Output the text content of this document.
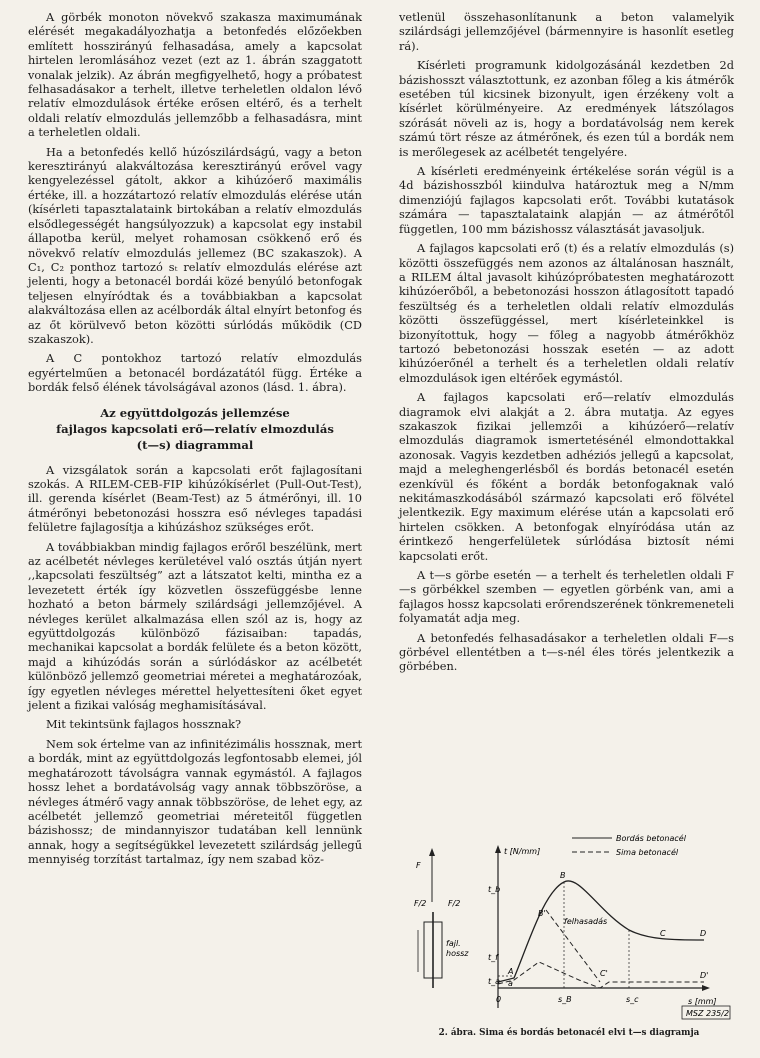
A görbék monoton növekvő szakasza maximumának elérését megakadályozhatja a betonfedés előzőekben említett hosszirányú felhasadása, amely a kapcsolat hirtelen leromlásához vezet (ezt az 1. ábrán szaggatott vonalak jelzik). Az ábrán megfigyelhető, hogy a próbatest felhasadásakor a terhelt, illetve terheletlen oldalon lévő relatív elmozdulások értéke erősen eltérő, és a terhelt oldali relatív elmozdulás jellemzőbb a felhasadásra, mint a terheletlen oldali.

Ha a betonfedés kellő húzószilárdságú, vagy a beton keresztirányú alakváltozása keresztirányú erővel vagy kengyelezéssel gátolt, akkor a kihúzóerő maximális értéke, ill. a hozzátartozó relatív elmozdulás elérése után (kísérleti tapasztalataink birtokában a relatív elmozdulás elsődlegességét hangsúlyozzuk) a kapcsolat egy instabil állapotba kerül, melyet rohamosan csökkenő erő és növekvő relatív elmozdulás jellemez (BC szakaszok). A C₁, C₂ ponthoz tartozó sₜ relatív elmozdulás elérése azt jelenti, hogy a betonacél bordái közé benyúló betonfogak teljesen elnyíródtak és a továbbiakban a kapcsolat alakváltozása ellen az acélbordák által elnyírt betonfog és az őt körülvevő beton közötti súrlódás működik (CD szakaszok).

A C pontokhoz tartozó relatív elmozdulás egyértelműen a betonacél bordázatától függ. Értéke a bordák felső élének távolságával azonos (lásd. 1. ábra).

Az együttdolgozás jellemzése
fajlagos kapcsolati erő—relatív elmozdulás
(t—s) diagrammal

A vizsgálatok során a kapcsolati erőt fajlagosítani szokás. A RILEM-CEB-FIP kihúzókísérlet (Pull-Out-Test), ill. gerenda kísérlet (Beam-Test) az 5 átmérőnyi, ill. 10 átmérőnyi bebetonozási hosszra eső névleges tapadási felületre fajlagosítja a kihúzáshoz szükséges erőt.

A továbbiakban mindig fajlagos erőről beszélünk, mert az acélbetét névleges kerületével való osztás útján nyert ,,kapcsolati feszültség” azt a látszatot kelti, mintha ez a levezetett érték így közvetlen összefüggésbe lenne hozható a beton bármely szilárdsági jellemzőjével. A névleges kerület alkalmazása ellen szól az is, hogy az együttdolgozás különböző fázisaiban: tapadás, mechanikai kapcsolat a bordák felülete és a beton között, majd a kihúzódás során a súrlódáskor az acélbetét különböző jellemző geometriai méretei a meghatározóak, így egyetlen névleges mérettel helyettesíteni őket egyet jelent a fizikai valóság meghamisításával.

Mit tekintsünk fajlagos hossznak?

Nem sok értelme van az infinitézimális hossznak, mert a bordák, mint az együttdolgozás legfontosabb elemei, jól meghatározott távolságra vannak egymástól. A fajlagos hossz lehet a bordatávolság vagy annak többszöröse, a névleges átmérő vagy annak többszöröse, de lehet egy, az acélbetét jellemző geometriai méreteitől független bázishossz; de mindannyiszor tudatában kell lennünk annak, hogy a segítségükkel levezetett szilárdság jellegű mennyiség torzítást tartalmaz, így nem szabad köz-

vetlenül összehasonlítanunk a beton valamelyik szilárdsági jellemzőjével (bármennyire is hasonlít esetleg rá).

Kísérleti programunk kidolgozásánál kezdetben 2d bázishosszt választottunk, ez azonban főleg a kis átmérők esetében túl kicsinek bizonyult, igen érzékeny volt a kísérlet körülményeire. Az eredmények látszólagos szórását növeli az is, hogy a bordatávolság nem kerek számú tört része az átmérőnek, és ezen túl a bordák nem is merőlegesek az acélbetét tengelyére.

A kísérleti eredményeink értékelése során végül is a 4d bázishosszból kiindulva határoztuk meg a N/mm dimenziójú fajlagos kapcsolati erőt. További kutatások számára — tapasztalataink alapján — az átmérőtől független, 100 mm bázishossz választását javasoljuk.

A fajlagos kapcsolati erő (t) és a relatív elmozdulás (s) közötti összefüggés nem azonos az általánosan használt, a RILEM által javasolt kihúzópróbatesten meghatározott kihúzóerőből, a bebetonozási hosszon átlagosított tapadó feszültség és a terheletlen oldali relatív elmozdulás közötti összefüggéssel, mert kísérleteinkkel is bizonyítottuk, hogy — főleg a nagyobb átmérőkhöz tartozó bebetonozási hosszak esetén — az adott kihúzóerőnél a terhelt és a terheletlen oldali relatív elmozdulások igen eltérőek egymástól.

A fajlagos kapcsolati erő—relatív elmozdulás diagramok elvi alakját a 2. ábra mutatja. Az egyes szakaszok fizikai jellemzői a kihúzóerő—relatív elmozdulás diagramok ismertetésénél elmondottakkal azonosak. Vagyis kezdetben adhéziós jellegű a kapcsolat, majd a meleghengerlésből és bordás betonacél esetén ezenkívül és főként a bordák betonfogaknak való nekitámaszkodásából származó kapcsolati erő fölvétel jelentkezik. Egy maximum elérése után a kapcsolati erő hirtelen csökken. A betonfogak elnyíródása után az érintkező hengerfelületek súrlódása biztosít némi kapcsolati erőt.

A t—s görbe esetén — a terhelt és terheletlen oldali F—s görbékkel szemben — egyetlen görbénk van, ami a fajlagos hossz kapcsolati erőrendszerének tönkremeneteli folyamatát adja meg.

A betonfedés felhasadásakor a terheletlen oldali F—s görbével ellentétben a t—s-nél éles törés jelentkezik a görbében.

Bordás betonacél
Sima betonacél
t [N/mm]
s [mm]
0
t_b
t_f
t_a
felhasadás
s_B	s_c
B
B'
A
C
C'
D
D'
a
F
F/2	F/2
fajl.
hossz
MSZ 235/2
2. ábra. Sima és bordás betonacél elvi t—s diagramja
